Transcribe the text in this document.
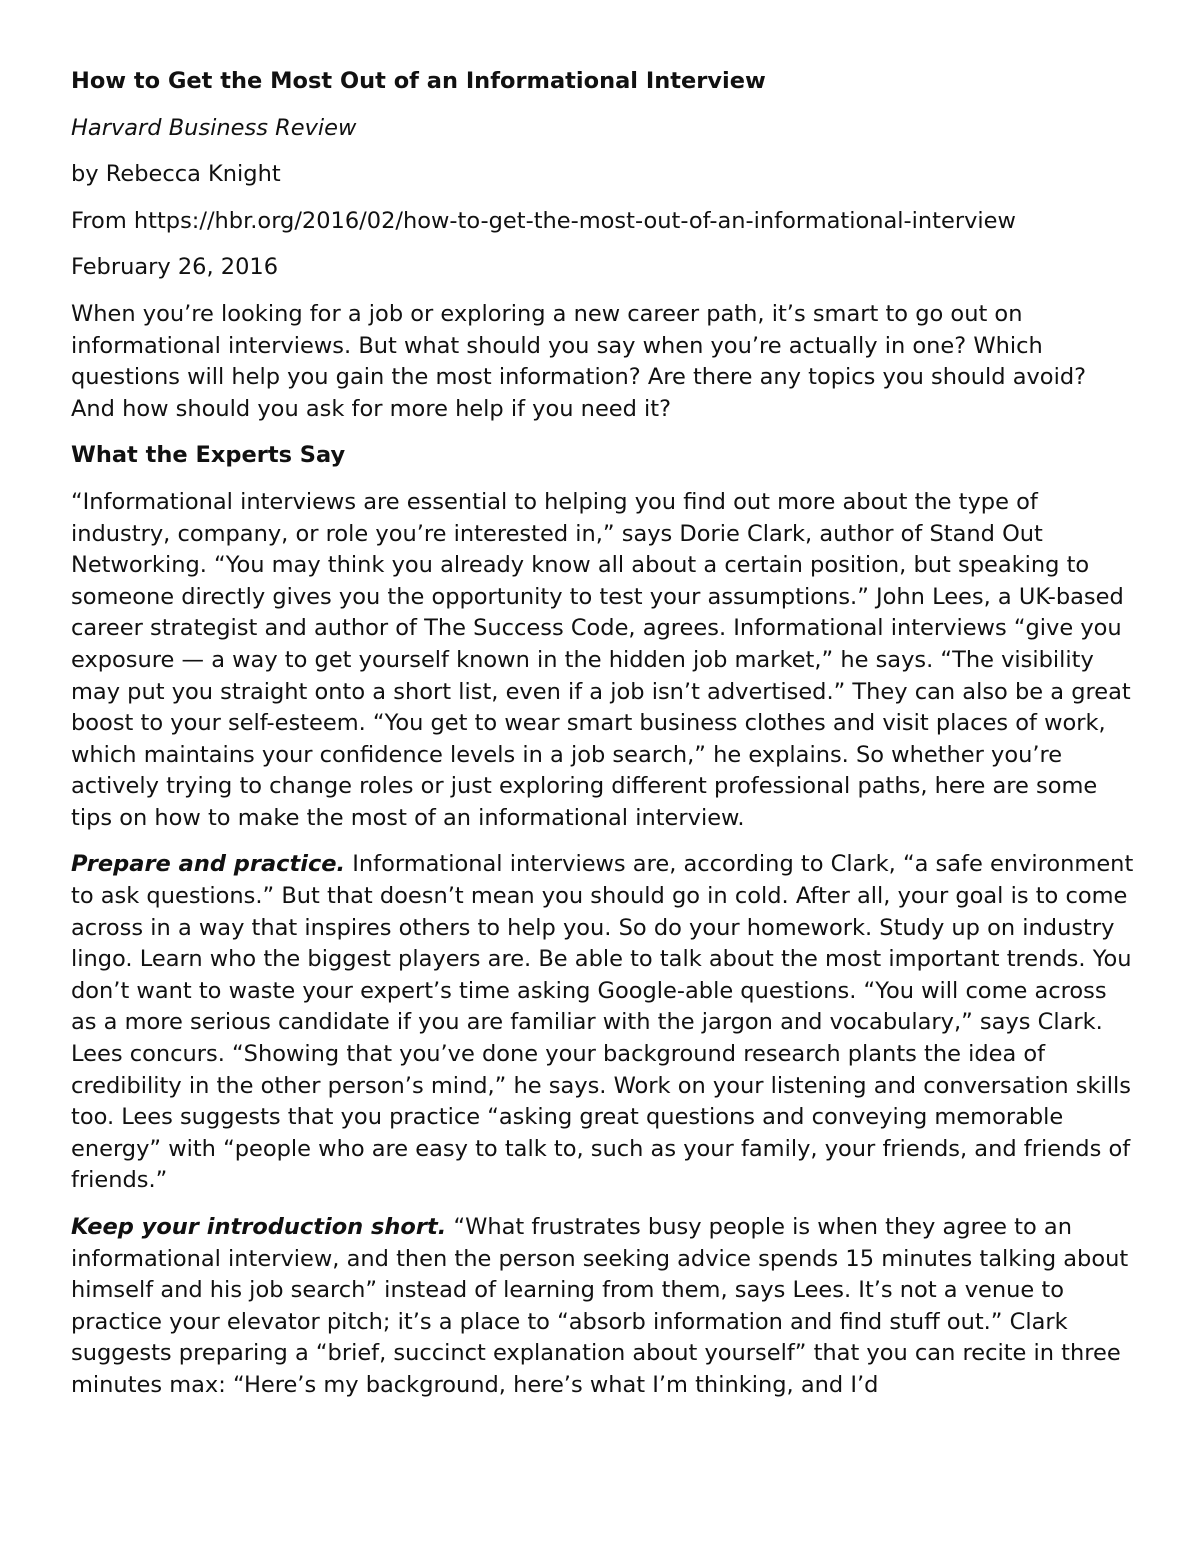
How to Get the Most Out of an Informational Interview
Harvard Business Review
by Rebecca Knight
From https://hbr.org/2016/02/how-to-get-the-most-out-of-an-informational-interview
February 26, 2016

When you’re looking for a job or exploring a new career path, it’s smart to go out on informational interviews. But what should you say when you’re actually in one? Which questions will help you gain the most information? Are there any topics you should avoid? And how should you ask for more help if you need it?

What the Experts Say

“Informational interviews are essential to helping you find out more about the type of industry, company, or role you’re interested in,” says Dorie Clark, author of Stand Out Networking. “You may think you already know all about a certain position, but speaking to someone directly gives you the opportunity to test your assumptions.” John Lees, a UK-based career strategist and author of The Success Code, agrees. Informational interviews “give you exposure — a way to get yourself known in the hidden job market,” he says. “The visibility may put you straight onto a short list, even if a job isn’t advertised.” They can also be a great boost to your self-esteem. “You get to wear smart business clothes and visit places of work, which maintains your confidence levels in a job search,” he explains. So whether you’re actively trying to change roles or just exploring different professional paths, here are some tips on how to make the most of an informational interview.

Prepare and practice. Informational interviews are, according to Clark, “a safe environment to ask questions.” But that doesn’t mean you should go in cold. After all, your goal is to come across in a way that inspires others to help you. So do your homework. Study up on industry lingo. Learn who the biggest players are. Be able to talk about the most important trends. You don’t want to waste your expert’s time asking Google-able questions. “You will come across as a more serious candidate if you are familiar with the jargon and vocabulary,” says Clark. Lees concurs. “Showing that you’ve done your background research plants the idea of credibility in the other person’s mind,” he says. Work on your listening and conversation skills too. Lees suggests that you practice “asking great questions and conveying memorable energy” with “people who are easy to talk to, such as your family, your friends, and friends of friends.”

Keep your introduction short. “What frustrates busy people is when they agree to an informational interview, and then the person seeking advice spends 15 minutes talking about himself and his job search” instead of learning from them, says Lees. It’s not a venue to practice your elevator pitch; it’s a place to “absorb information and find stuff out.” Clark suggests preparing a “brief, succinct explanation about yourself” that you can recite in three minutes max: “Here’s my background, here’s what I’m thinking, and I’d
